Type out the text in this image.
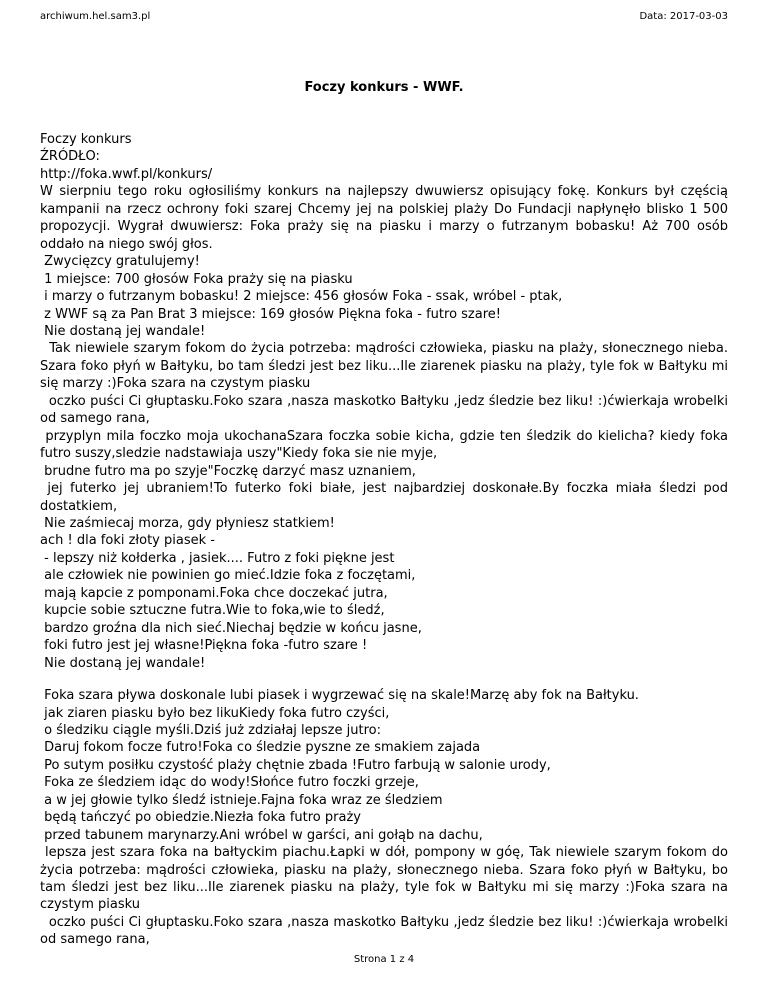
archiwum.hel.sam3.pl	Data: 2017-03-03
Foczy konkurs - WWF.
Foczy konkurs
ŹRÓDŁO:
http://foka.wwf.pl/konkurs/
W sierpniu tego roku ogłosiliśmy konkurs na najlepszy dwuwiersz opisujący fokę. Konkurs był częścią kampanii na rzecz ochrony foki szarej Chcemy jej na polskiej plaży Do Fundacji napłynęło blisko 1 500 propozycji. Wygrał dwuwiersz: Foka praży się na piasku i marzy o futrzanym bobasku! Aż 700 osób oddało na niego swój głos.
Zwycięzcy gratulujemy!
1 miejsce: 700 głosów Foka praży się na piasku
i marzy o futrzanym bobasku! 2 miejsce: 456 głosów Foka - ssak, wróbel - ptak,
z WWF są za Pan Brat 3 miejsce: 169 głosów Piękna foka - futro szare!
Nie dostaną jej wandale!
Tak niewiele szarym fokom do życia potrzeba: mądrości człowieka, piasku na plaży, słonecznego nieba. Szara foko płyń w Bałtyku, bo tam śledzi jest bez liku...Ile ziarenek piasku na plaży, tyle fok w Bałtyku mi się marzy :)Foka szara na czystym piasku
oczko puści Ci głuptasku.Foko szara ,nasza maskotko Bałtyku ,jedz śledzie bez liku! :)ćwierkaja wrobelki od samego rana,
przyplyn mila foczko moja ukochanaSzara foczka sobie kicha, gdzie ten śledzik do kielicha? kiedy foka futro suszy,sledzie nadstawiaja uszy"Kiedy foka sie nie myje,
brudne futro ma po szyje"Foczkę darzyć masz uznaniem,
jej futerko jej ubraniem!To futerko foki białe, jest najbardziej doskonałe.By foczka miała śledzi pod dostatkiem,
Nie zaśmiecaj morza, gdy płyniesz statkiem!
ach ! dla foki złoty piasek -
- lepszy niż kołderka , jasiek.... Futro z foki piękne jest
ale człowiek nie powinien go mieć.Idzie foka z foczętami,
mają kapcie z pomponami.Foka chce doczekać jutra,
kupcie sobie sztuczne futra.Wie to foka,wie to śledź,
bardzo groźna dla nich sieć.Niechaj będzie w końcu jasne,
foki futro jest jej własne!Piękna foka -futro szare !
Nie dostaną jej wandale!
Foka szara pływa doskonale lubi piasek i wygrzewać się na skale!Marzę aby fok na Bałtyku.
jak ziaren piasku było bez likuKiedy foka futro czyści,
o śledziku ciągle myśli.Dziś już zdziałaj lepsze jutro:
Daruj fokom focze futro!Foka co śledzie pyszne ze smakiem zajada
Po sutym posiłku czystość plaży chętnie zbada !Futro farbują w salonie urody,
Foka ze śledziem idąc do wody!Słońce futro foczki grzeje,
a w jej głowie tylko śledź istnieje.Fajna foka wraz ze śledziem
będą tańczyć po obiedzie.Niezła foka futro praży
przed tabunem marynarzy.Ani wróbel w garści, ani gołąb na dachu,
lepsza jest szara foka na bałtyckim piachu.Łapki w dół, pompony w góę, Tak niewiele szarym fokom do życia potrzeba: mądrości człowieka, piasku na plaży, słonecznego nieba. Szara foko płyń w Bałtyku, bo tam śledzi jest bez liku...Ile ziarenek piasku na plaży, tyle fok w Bałtyku mi się marzy :)Foka szara na czystym piasku
oczko puści Ci głuptasku.Foko szara ,nasza maskotko Bałtyku ,jedz śledzie bez liku! :)ćwierkaja wrobelki od samego rana,
Strona 1 z 4
